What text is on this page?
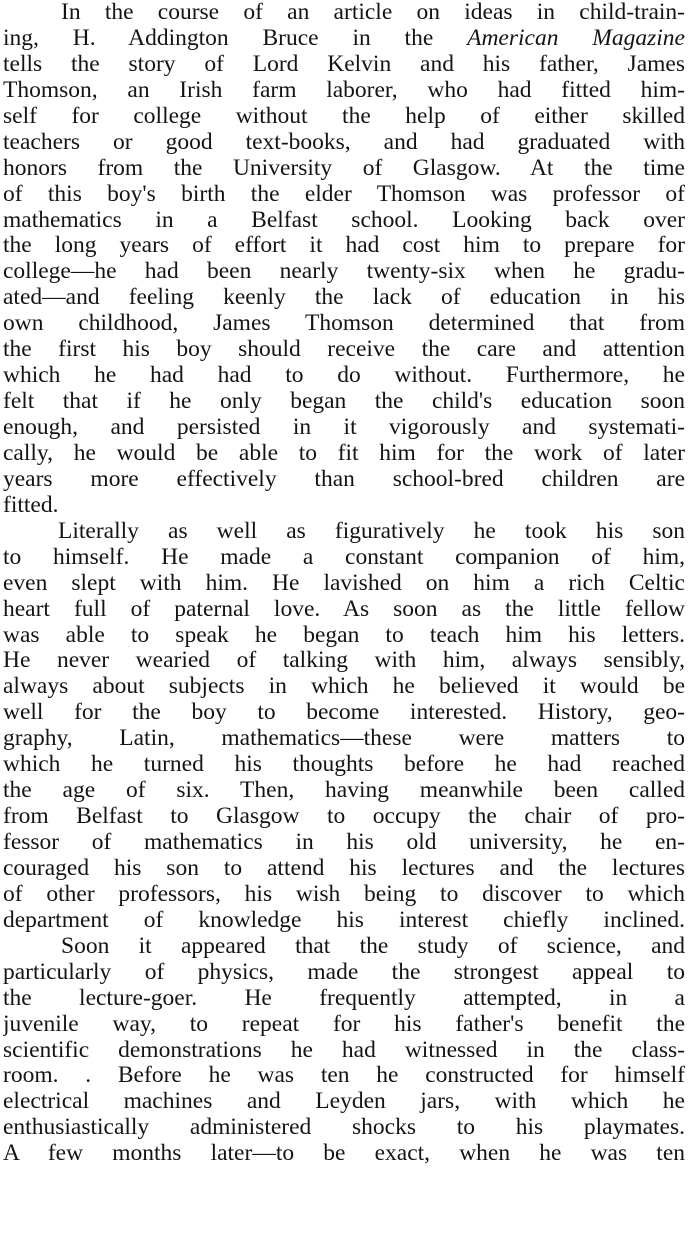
In the course of an article on ideas in child-train-
ing, H. Addington Bruce in the American Magazine
tells the story of Lord Kelvin and his father, James
Thomson, an Irish farm laborer, who had fitted him-
self for college without the help of either skilled
teachers or good text-books, and had graduated with
honors from the University of Glasgow. At the time
of this boy's birth the elder Thomson was professor of
mathematics in a Belfast school. Looking back over
the long years of effort it had cost him to prepare for
college—he had been nearly twenty-six when he gradu-
ated—and feeling keenly the lack of education in his
own childhood, James Thomson determined that from
the first his boy should receive the care and attention
which he had had to do without. Furthermore, he
felt that if he only began the child's education soon
enough, and persisted in it vigorously and systemati-
cally, he would be able to fit him for the work of later
years more effectively than school-bred children are
fitted.
Literally as well as figuratively he took his son
to himself. He made a constant companion of him,
even slept with him. He lavished on him a rich Celtic
heart full of paternal love. As soon as the little fellow
was able to speak he began to teach him his letters.
He never wearied of talking with him, always sensibly,
always about subjects in which he believed it would be
well for the boy to become interested. History, geo-
graphy, Latin, mathematics—these were matters to
which he turned his thoughts before he had reached
the age of six. Then, having meanwhile been called
from Belfast to Glasgow to occupy the chair of pro-
fessor of mathematics in his old university, he en-
couraged his son to attend his lectures and the lectures
of other professors, his wish being to discover to which
department of knowledge his interest chiefly inclined.
Soon it appeared that the study of science, and
particularly of physics, made the strongest appeal to
the lecture-goer. He frequently attempted, in a
juvenile way, to repeat for his father's benefit the
scientific demonstrations he had witnessed in the class-
room. . Before he was ten he constructed for himself
electrical machines and Leyden jars, with which he
enthusiastically administered shocks to his playmates.
A few months later—to be exact, when he was ten
